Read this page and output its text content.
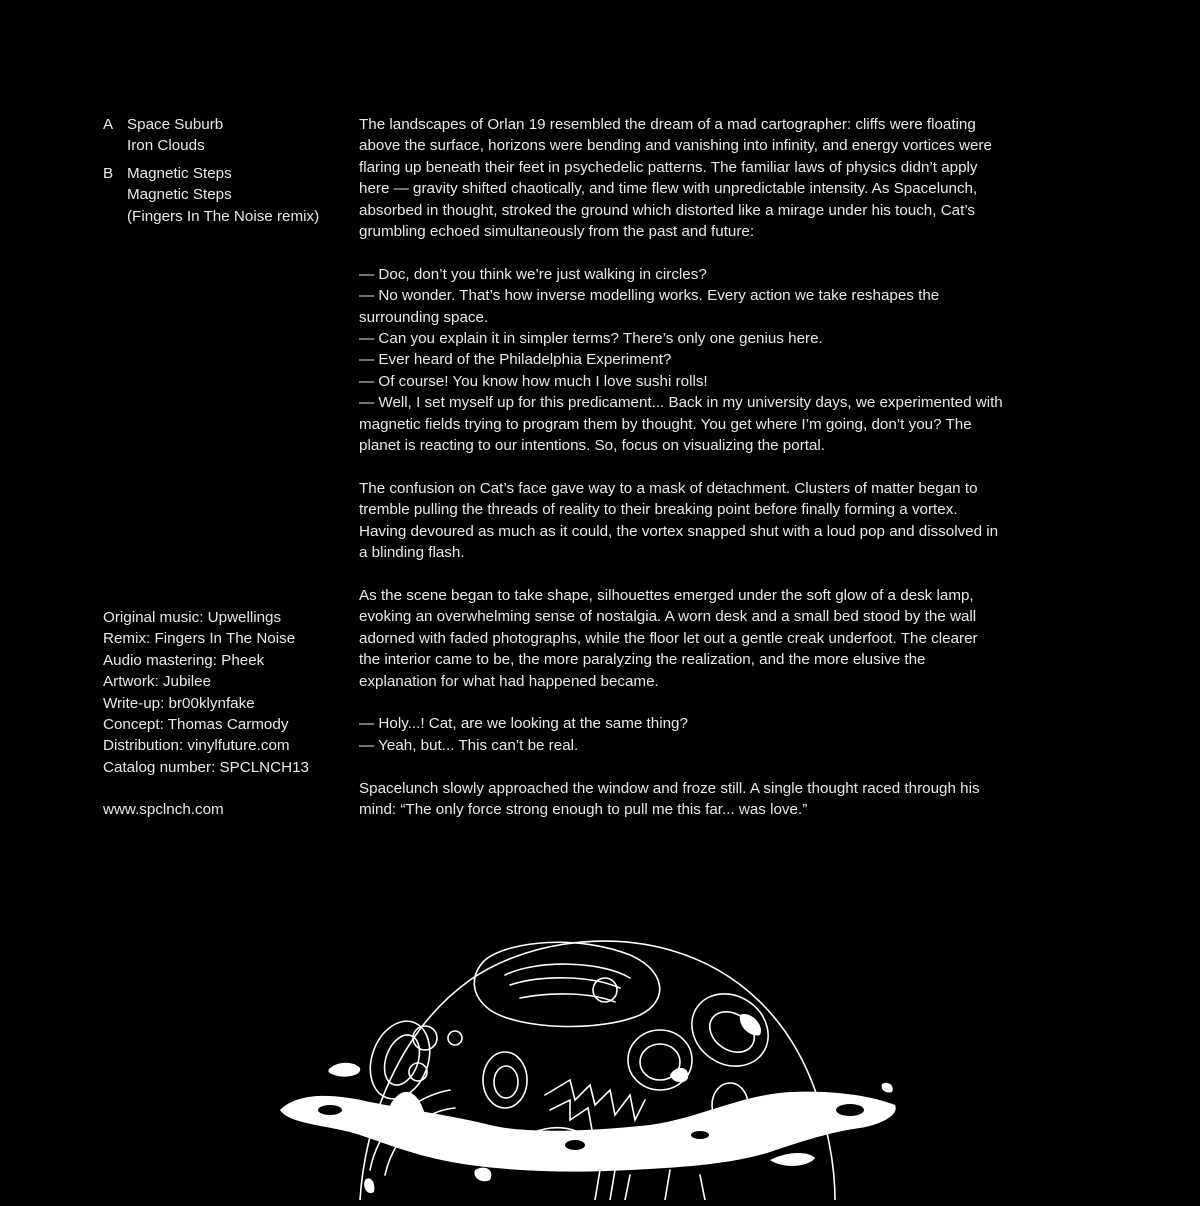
A Space Suburb
Iron Clouds
B Magnetic Steps
Magnetic Steps
(Fingers In The Noise remix)
Original music: Upwellings
Remix: Fingers In The Noise
Audio mastering: Pheek
Artwork: Jubilee
Write-up: br00klynfake
Concept: Thomas Carmody
Distribution: vinylfuture.com
Catalog number: SPCLNCH13
www.spclnch.com
The landscapes of Orlan 19 resembled the dream of a mad cartographer: cliffs were floating
above the surface, horizons were bending and vanishing into infinity, and energy vortices were
flaring up beneath their feet in psychedelic patterns. The familiar laws of physics didn’t apply
here — gravity shifted chaotically, and time flew with unpredictable intensity. As Spacelunch,
absorbed in thought, stroked the ground which distorted like a mirage under his touch, Cat’s
grumbling echoed simultaneously from the past and future:
— Doc, don’t you think we’re just walking in circles?
— No wonder. That’s how inverse modelling works. Every action we take reshapes the
surrounding space.
— Can you explain it in simpler terms? There’s only one genius here.
— Ever heard of the Philadelphia Experiment?
— Of course! You know how much I love sushi rolls!
— Well, I set myself up for this predicament... Back in my university days, we experimented with
magnetic fields trying to program them by thought. You get where I’m going, don’t you? The
planet is reacting to our intentions. So, focus on visualizing the portal.
The confusion on Cat’s face gave way to a mask of detachment. Clusters of matter began to
tremble pulling the threads of reality to their breaking point before finally forming a vortex.
Having devoured as much as it could, the vortex snapped shut with a loud pop and dissolved in
a blinding flash.
As the scene began to take shape, silhouettes emerged under the soft glow of a desk lamp,
evoking an overwhelming sense of nostalgia. A worn desk and a small bed stood by the wall
adorned with faded photographs, while the floor let out a gentle creak underfoot. The clearer
the interior came to be, the more paralyzing the realization, and the more elusive the
explanation for what had happened became.
— Holy...! Cat, are we looking at the same thing?
— Yeah, but... This can’t be real.
Spacelunch slowly approached the window and froze still. A single thought raced through his
mind: “The only force strong enough to pull me this far... was love.”
